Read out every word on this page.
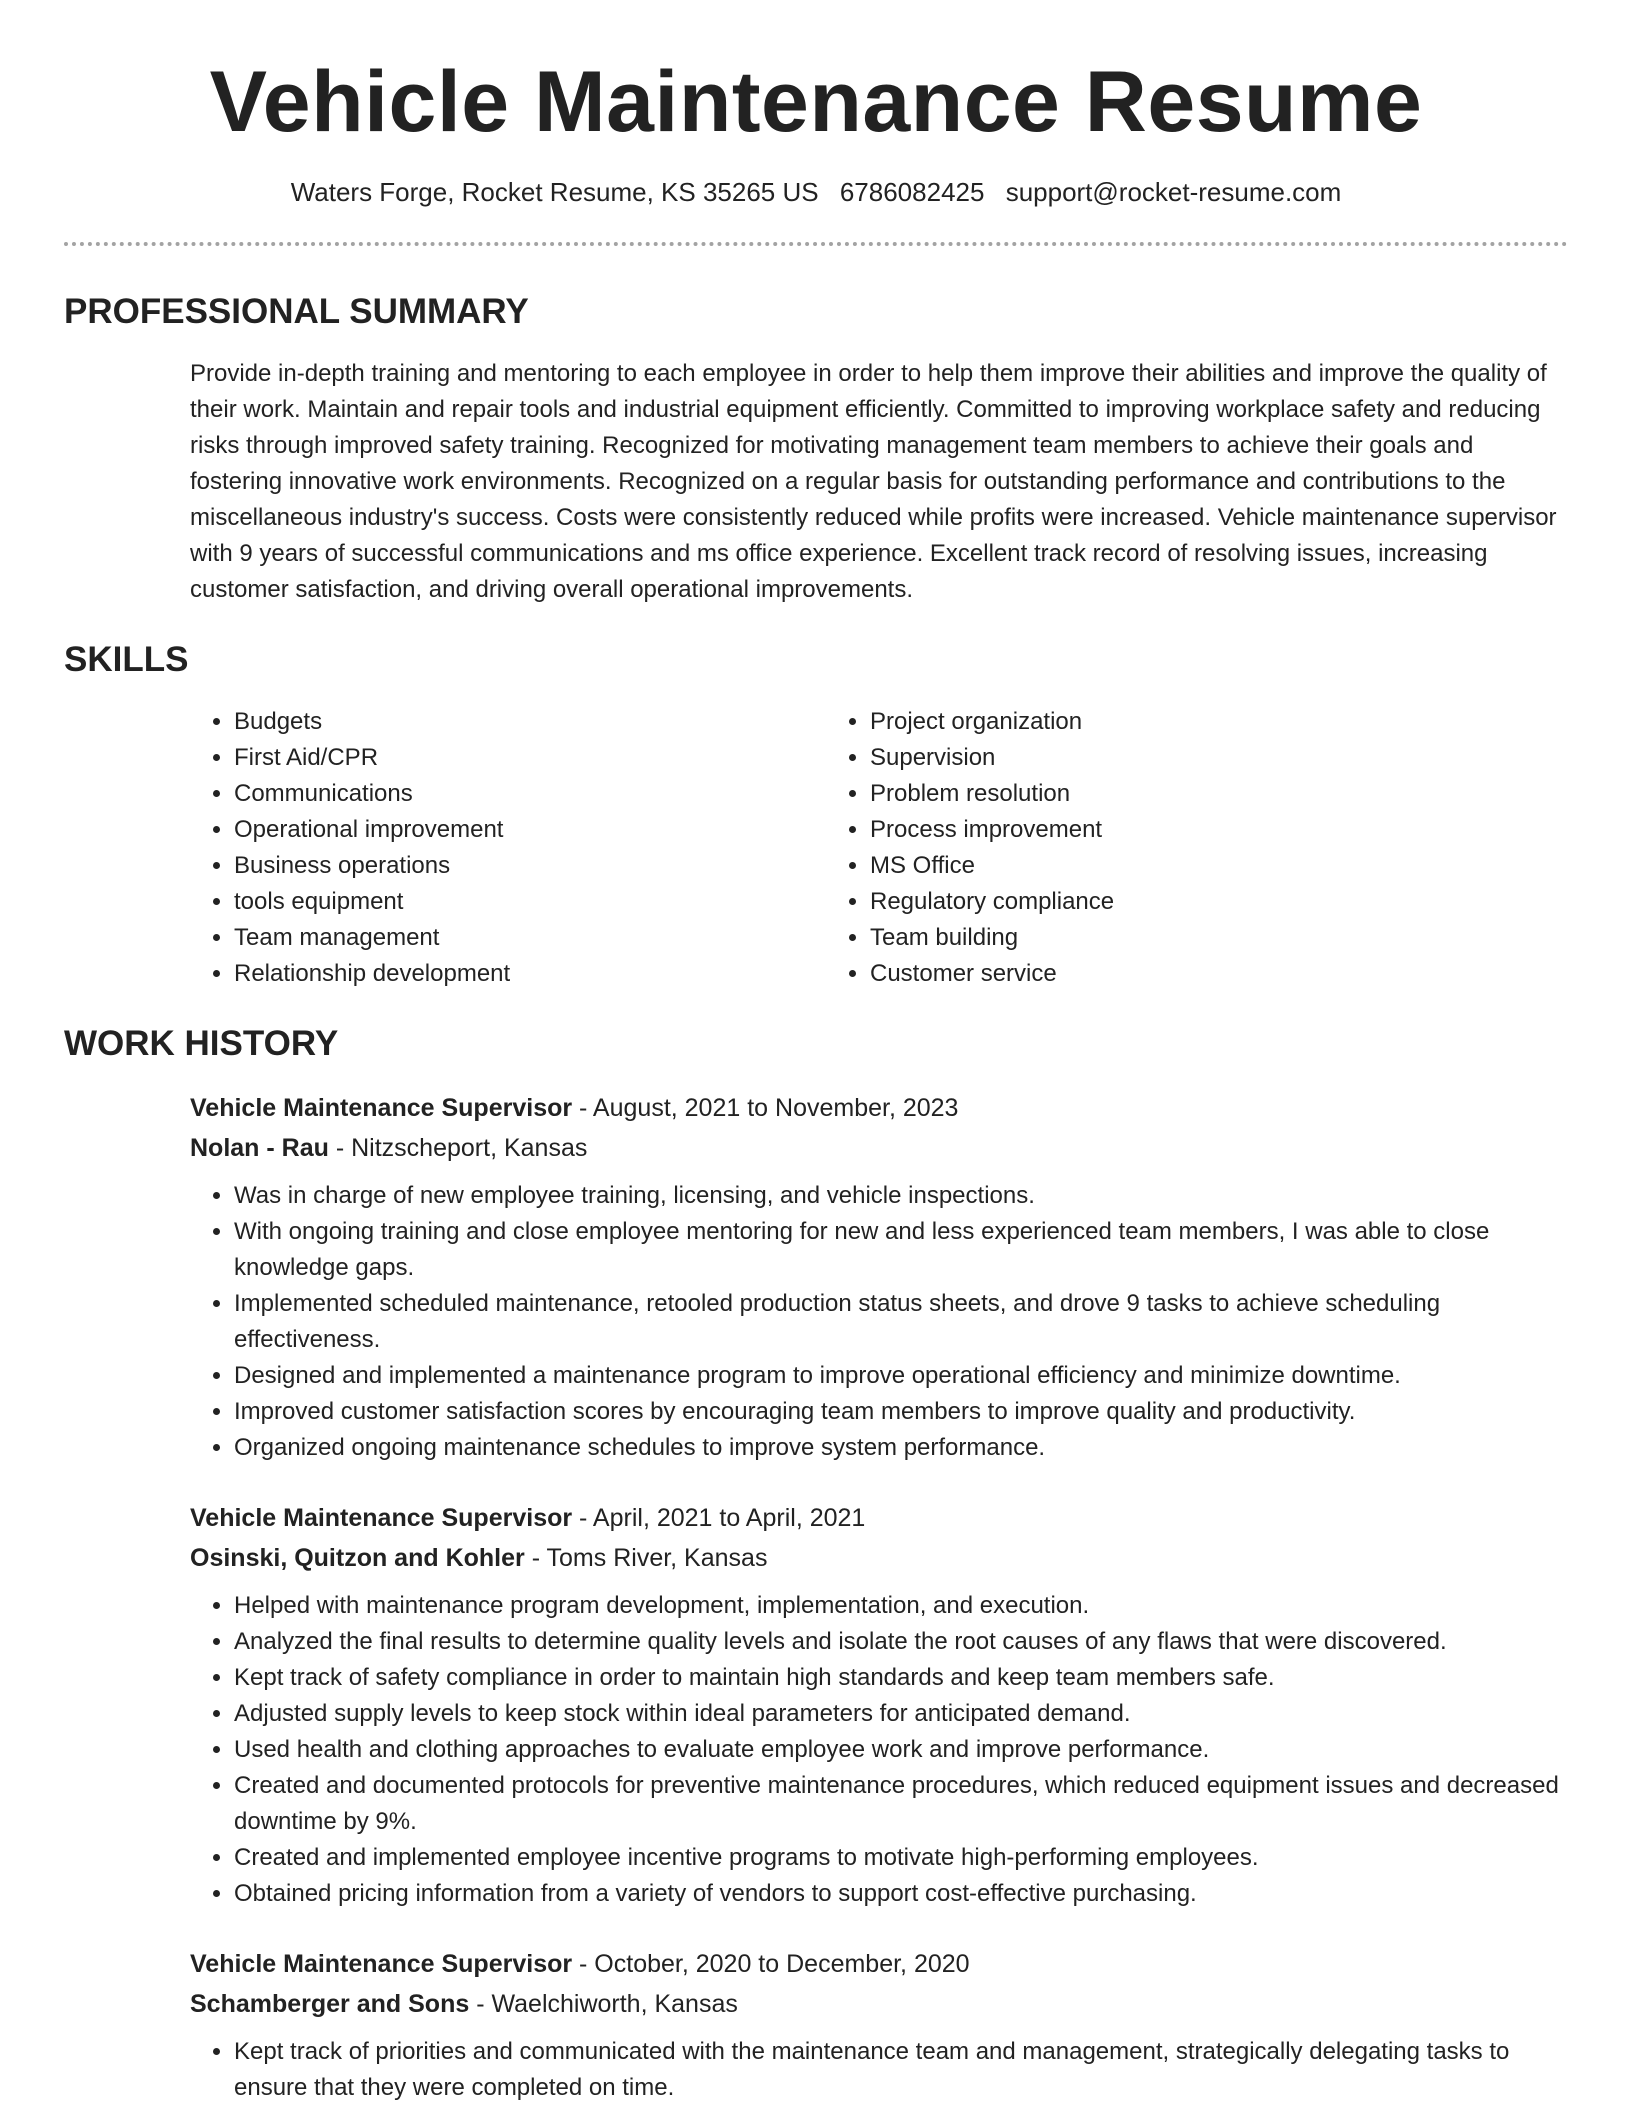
Vehicle Maintenance Resume
Waters Forge, Rocket Resume, KS 35265 US 6786082425 support@rocket-resume.com
PROFESSIONAL SUMMARY

Provide in-depth training and mentoring to each employee in order to help them improve their abilities and improve the quality of their work. Maintain and repair tools and industrial equipment efficiently. Committed to improving workplace safety and reducing risks through improved safety training. Recognized for motivating management team members to achieve their goals and fostering innovative work environments. Recognized on a regular basis for outstanding performance and contributions to the miscellaneous industry's success. Costs were consistently reduced while profits were increased. Vehicle maintenance supervisor with 9 years of successful communications and ms office experience. Excellent track record of resolving issues, increasing customer satisfaction, and driving overall operational improvements.

SKILLS
• Budgets
• First Aid/CPR
• Communications
• Operational improvement
• Business operations
• tools equipment
• Team management
• Relationship development
• Project organization
• Supervision
• Problem resolution
• Process improvement
• MS Office
• Regulatory compliance
• Team building
• Customer service
WORK HISTORY
Vehicle Maintenance Supervisor - August, 2021 to November, 2023
Nolan - Rau - Nitzscheport, Kansas
• Was in charge of new employee training, licensing, and vehicle inspections.
• With ongoing training and close employee mentoring for new and less experienced team members, I was able to close knowledge gaps.
• Implemented scheduled maintenance, retooled production status sheets, and drove 9 tasks to achieve scheduling effectiveness.
• Designed and implemented a maintenance program to improve operational efficiency and minimize downtime.
• Improved customer satisfaction scores by encouraging team members to improve quality and productivity.
• Organized ongoing maintenance schedules to improve system performance.
Vehicle Maintenance Supervisor - April, 2021 to April, 2021
Osinski, Quitzon and Kohler - Toms River, Kansas
• Helped with maintenance program development, implementation, and execution.
• Analyzed the final results to determine quality levels and isolate the root causes of any flaws that were discovered.
• Kept track of safety compliance in order to maintain high standards and keep team members safe.
• Adjusted supply levels to keep stock within ideal parameters for anticipated demand.
• Used health and clothing approaches to evaluate employee work and improve performance.
• Created and documented protocols for preventive maintenance procedures, which reduced equipment issues and decreased downtime by 9%.
• Created and implemented employee incentive programs to motivate high-performing employees.
• Obtained pricing information from a variety of vendors to support cost-effective purchasing.
Vehicle Maintenance Supervisor - October, 2020 to December, 2020
Schamberger and Sons - Waelchiworth, Kansas
• Kept track of priorities and communicated with the maintenance team and management, strategically delegating tasks to ensure that they were completed on time.
